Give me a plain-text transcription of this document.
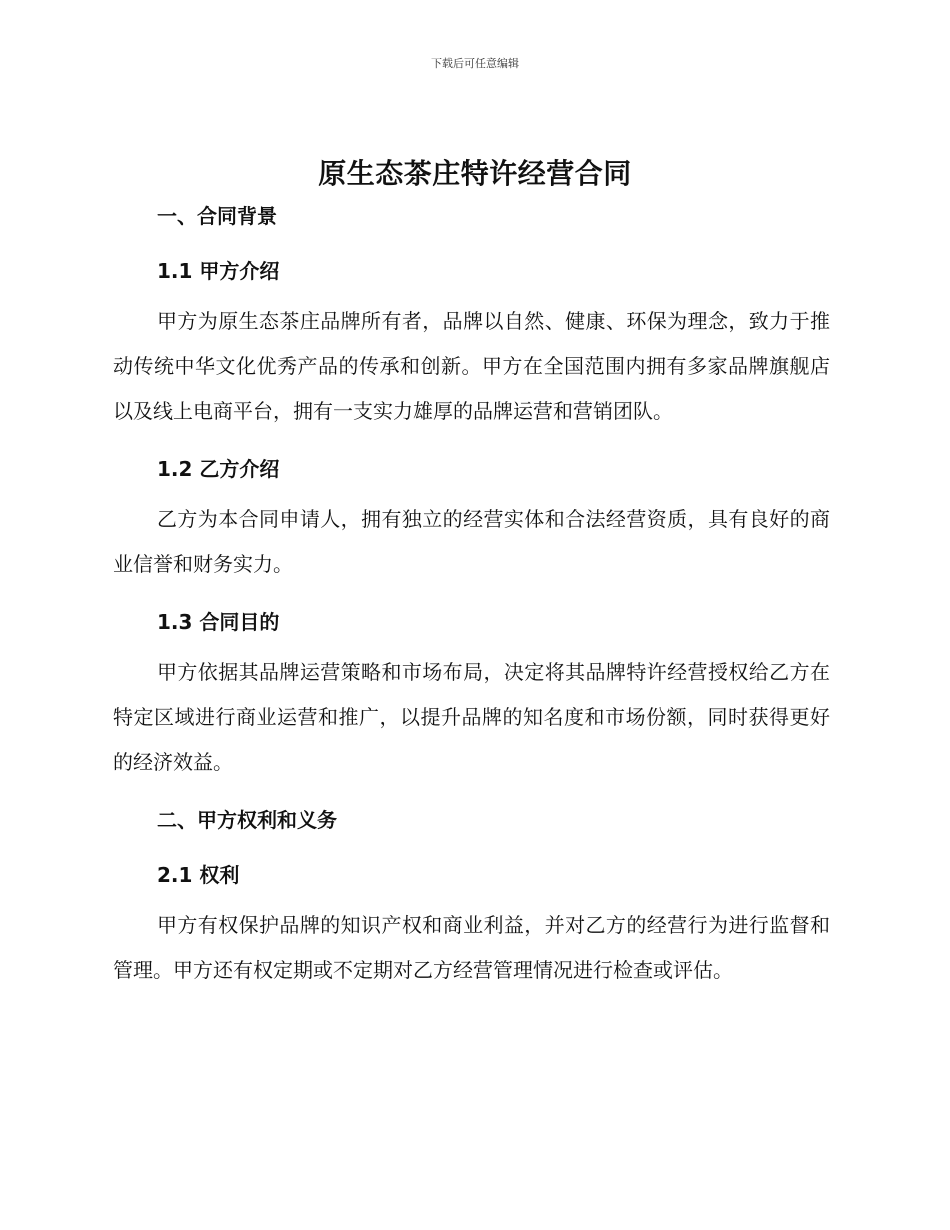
下载后可任意编辑
原生态茶庄特许经营合同
一、合同背景
1.1 甲方介绍

甲方为原生态茶庄品牌所有者，品牌以自然、健康、环保为理念，致力于推动传统中华文化优秀产品的传承和创新。甲方在全国范围内拥有多家品牌旗舰店以及线上电商平台，拥有一支实力雄厚的品牌运营和营销团队。

1.2 乙方介绍

乙方为本合同申请人，拥有独立的经营实体和合法经营资质，具有良好的商业信誉和财务实力。

1.3 合同目的

甲方依据其品牌运营策略和市场布局，决定将其品牌特许经营授权给乙方在特定区域进行商业运营和推广，以提升品牌的知名度和市场份额，同时获得更好的经济效益。

二、甲方权利和义务
2.1 权利

甲方有权保护品牌的知识产权和商业利益，并对乙方的经营行为进行监督和管理。甲方还有权定期或不定期对乙方经营管理情况进行检查或评估。
